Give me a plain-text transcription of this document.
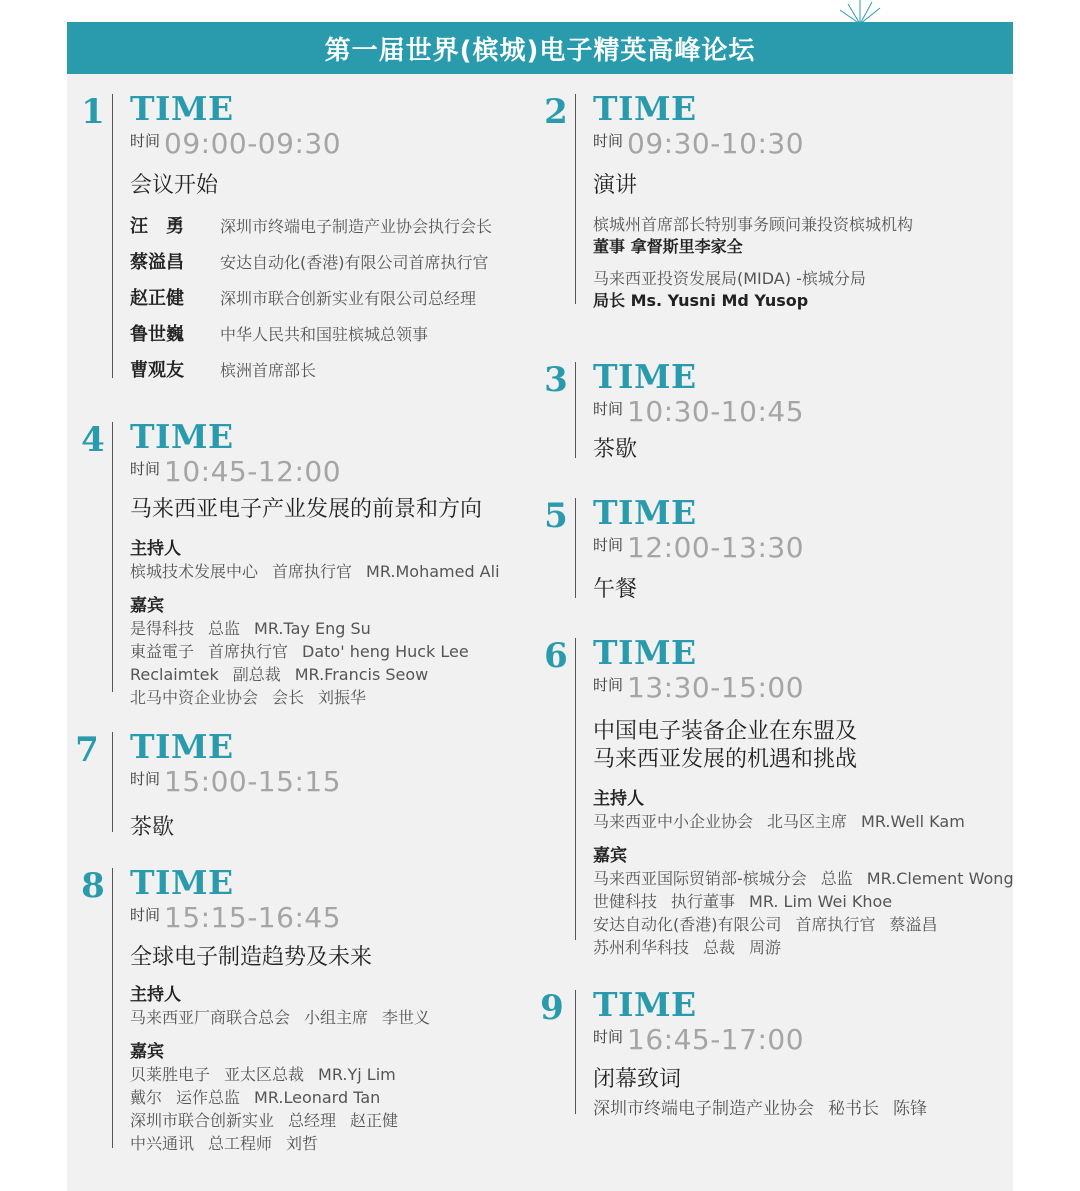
第一届世界(槟城)电子精英高峰论坛
1 TIME
时间 09:00-09:30
会议开始
汪　勇	深圳市终端电子制造产业协会执行会长
蔡溢昌	安达自动化(香港)有限公司首席执行官
赵正健	深圳市联合创新实业有限公司总经理
鲁世巍	中华人民共和国驻槟城总领事
曹观友	槟洲首席部长
2 TIME
时间 09:30-10:30
演讲
槟城州首席部长特别事务顾问兼投资槟城机构
董事 拿督斯里李家全
马来西亚投资发展局(MIDA) -槟城分局
局长 Ms. Yusni Md Yusop
3 TIME
时间 10:30-10:45
茶歇
4 TIME
时间 10:45-12:00
马来西亚电子产业发展的前景和方向
主持人
槟城技术发展中心 首席执行官 MR.Mohamed Ali
嘉宾
是得科技 总监 MR.Tay Eng Su
東益電子 首席执行官 Dato' heng Huck Lee
Reclaimtek 副总裁 MR.Francis Seow
北马中资企业协会 会长 刘振华
5 TIME
时间 12:00-13:30
午餐
6 TIME
时间 13:30-15:00
中国电子装备企业在东盟及
马来西亚发展的机遇和挑战
主持人
马来西亚中小企业协会 北马区主席 MR.Well Kam
嘉宾
马来西亚国际贸销部-槟城分会 总监 MR.Clement Wong
世健科技 执行董事 MR. Lim Wei Khoe
安达自动化(香港)有限公司 首席执行官 蔡溢昌
苏州利华科技 总裁 周游
7 TIME
时间 15:00-15:15
茶歇
8 TIME
时间 15:15-16:45
全球电子制造趋势及未来
主持人
马来西亚厂商联合总会 小组主席 李世义
嘉宾
贝莱胜电子 亚太区总裁 MR.Yj Lim
戴尔 运作总监 MR.Leonard Tan
深圳市联合创新实业 总经理 赵正健
中兴通讯 总工程师 刘哲
9 TIME
时间 16:45-17:00
闭幕致词
深圳市终端电子制造产业协会 秘书长 陈锋
